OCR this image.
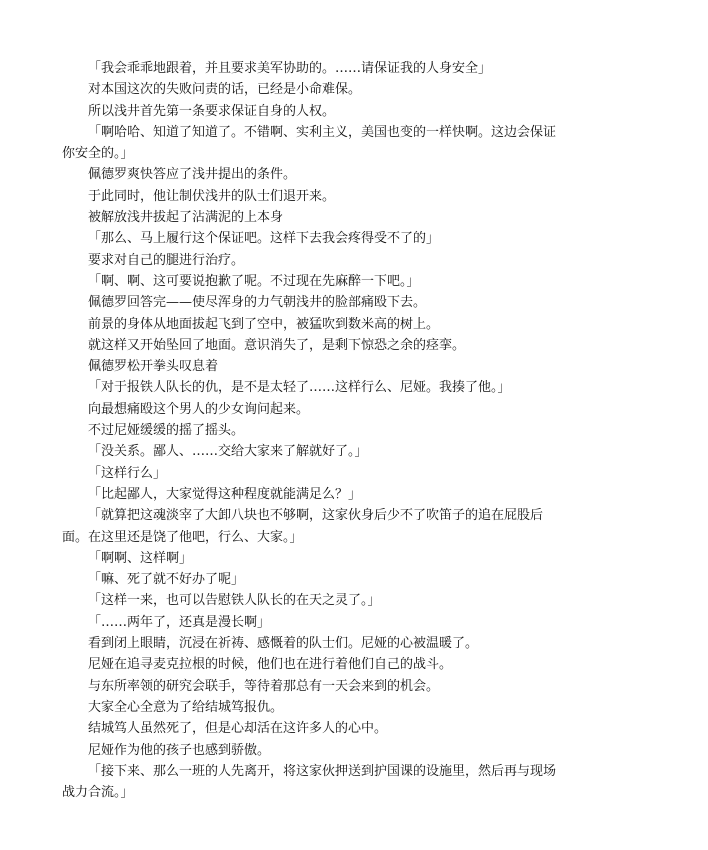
「我会乖乖地跟着，并且要求美军协助的。……请保证我的人身安全」

对本国这次的失败问责的话，已经是小命难保。

所以浅井首先第一条要求保证自身的人权。

「啊哈哈、知道了知道了。不错啊、实利主义，美国也变的一样快啊。这边会保证你安全的。」

佩德罗爽快答应了浅井提出的条件。

于此同时，他让制伏浅井的队士们退开来。

被解放浅井拔起了沾满泥的上本身

「那么、马上履行这个保证吧。这样下去我会疼得受不了的」

要求对自己的腿进行治疗。

「啊、啊、这可要说抱歉了呢。不过现在先麻醉一下吧。」

佩德罗回答完——使尽浑身的力气朝浅井的脸部痛殴下去。

前景的身体从地面拔起飞到了空中，被猛吹到数米高的树上。

就这样又开始坠回了地面。意识消失了，是剩下惊恐之余的痉挛。

佩德罗松开拳头叹息着

「对于报铁人队长的仇，是不是太轻了……这样行么、尼娅。我揍了他。」

向最想痛殴这个男人的少女询问起来。

不过尼娅缓缓的摇了摇头。

「没关系。鄙人、……交给大家来了解就好了。」

「这样行么」

「比起鄙人，大家觉得这种程度就能满足么？」

「就算把这魂淡宰了大卸八块也不够啊，这家伙身后少不了吹笛子的追在屁股后面。在这里还是饶了他吧，行么、大家。」

「啊啊、这样啊」

「嘛、死了就不好办了呢」

「这样一来，也可以告慰铁人队长的在天之灵了。」

「……两年了，还真是漫长啊」

看到闭上眼睛，沉浸在祈祷、感慨着的队士们。尼娅的心被温暖了。

尼娅在追寻麦克拉根的时候，他们也在进行着他们自己的战斗。

与东所率领的研究会联手，等待着那总有一天会来到的机会。

大家全心全意为了给结城笃报仇。

结城笃人虽然死了，但是心却活在这许多人的心中。

尼娅作为他的孩子也感到骄傲。

「接下来、那么一班的人先离开，将这家伙押送到护国课的设施里，然后再与现场战力合流。」
